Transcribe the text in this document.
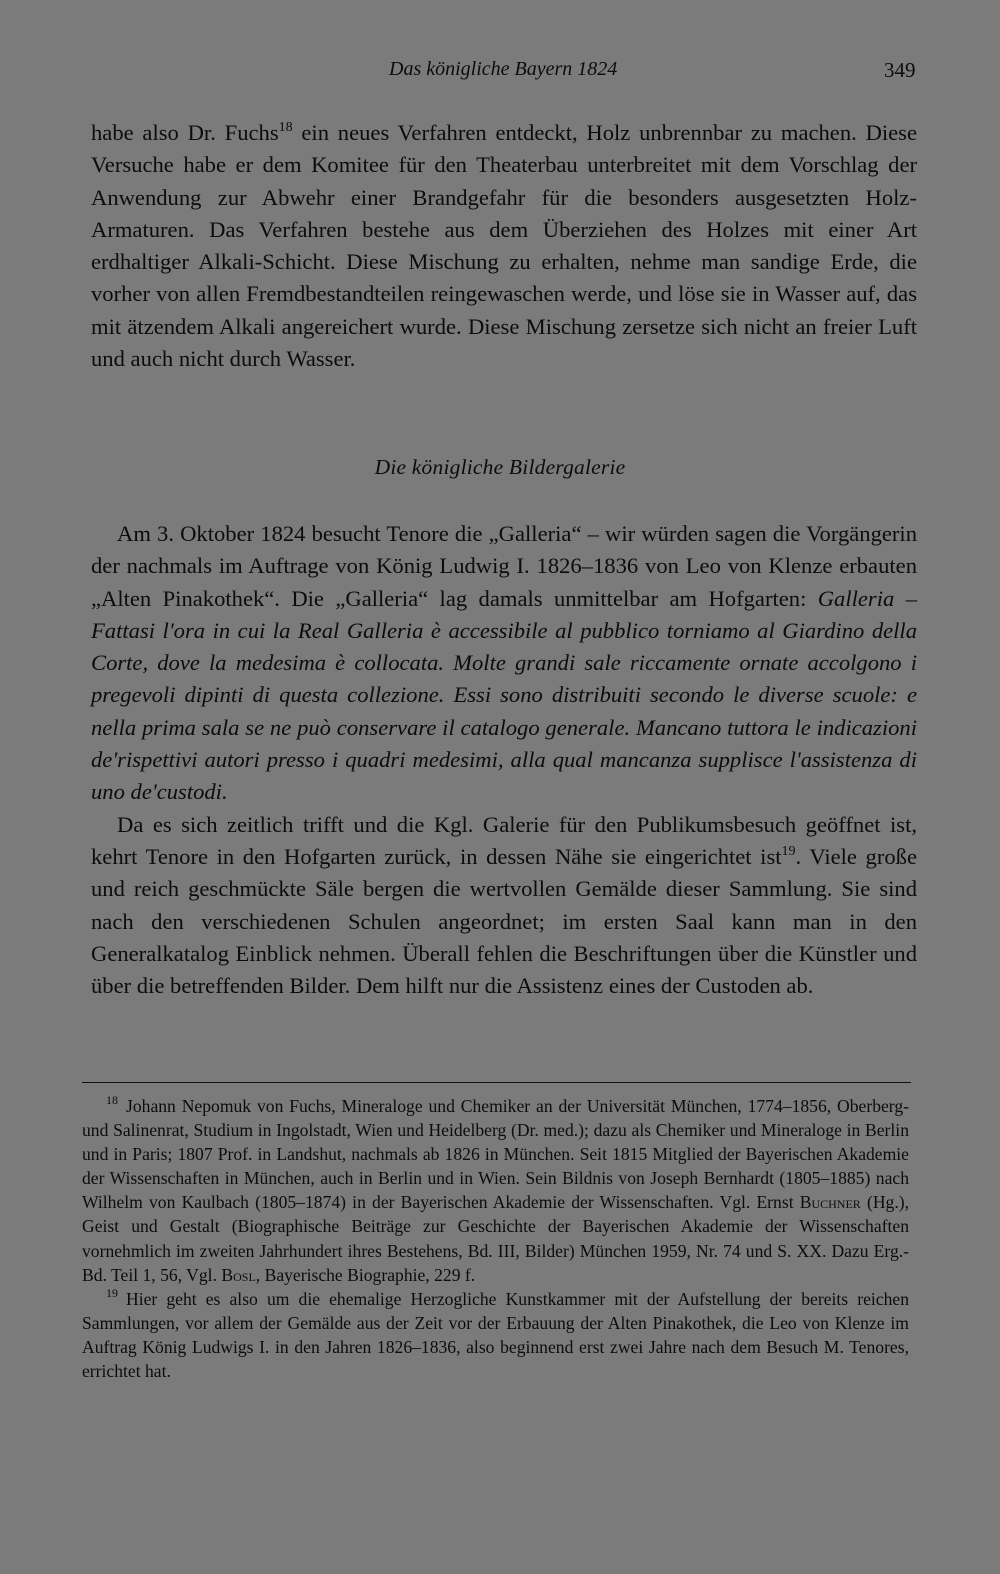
Das königliche Bayern 1824	349

habe also Dr. Fuchs$^{18}$ ein neues Verfahren entdeckt, Holz unbrennbar zu machen. Diese Versuche habe er dem Komitee für den Theaterbau unterbreitet mit dem Vorschlag der Anwendung zur Abwehr einer Brandgefahr für die besonders ausgesetzten Holz-Armaturen. Das Verfahren bestehe aus dem Überziehen des Holzes mit einer Art erdhaltiger Alkali-Schicht. Diese Mischung zu erhalten, nehme man sandige Erde, die vorher von allen Fremdbestandteilen reingewaschen werde, und löse sie in Wasser auf, das mit ätzendem Alkali angereichert wurde. Diese Mischung zersetze sich nicht an freier Luft und auch nicht durch Wasser.

Die königliche Bildergalerie

Am 3. Oktober 1824 besucht Tenore die „Galleria“ – wir würden sagen die Vorgängerin der nachmals im Auftrage von König Ludwig I. 1826–1836 von Leo von Klenze erbauten „Alten Pinakothek“. Die „Galleria“ lag damals unmittelbar am Hofgarten: Galleria – Fattasi l'ora in cui la Real Galleria è accessibile al pubblico torniamo al Giardino della Corte, dove la medesima è collocata. Molte grandi sale riccamente ornate accolgono i pregevoli dipinti di questa collezione. Essi sono distribuiti secondo le diverse scuole: e nella prima sala se ne può conservare il catalogo generale. Mancano tuttora le indicazioni de'rispettivi autori presso i quadri medesimi, alla qual mancanza supplisce l'assistenza di uno de'custodi.

Da es sich zeitlich trifft und die Kgl. Galerie für den Publikumsbesuch geöffnet ist, kehrt Tenore in den Hofgarten zurück, in dessen Nähe sie eingerichtet ist$^{19}$. Viele große und reich geschmückte Säle bergen die wertvollen Gemälde dieser Sammlung. Sie sind nach den verschiedenen Schulen angeordnet; im ersten Saal kann man in den Generalkatalog Einblick nehmen. Überall fehlen die Beschriftungen über die Künstler und über die betreffenden Bilder. Dem hilft nur die Assistenz eines der Custoden ab.

$^{18}$ Johann Nepomuk von Fuchs, Mineraloge und Chemiker an der Universität München, 1774–1856, Oberberg- und Salinenrat, Studium in Ingolstadt, Wien und Heidelberg (Dr. med.); dazu als Chemiker und Mineraloge in Berlin und in Paris; 1807 Prof. in Landshut, nachmals ab 1826 in München. Seit 1815 Mitglied der Bayerischen Akademie der Wissenschaften in München, auch in Berlin und in Wien. Sein Bildnis von Joseph Bernhardt (1805–1885) nach Wilhelm von Kaulbach (1805–1874) in der Bayerischen Akademie der Wissenschaften. Vgl. Ernst Buchner (Hg.), Geist und Gestalt (Biographische Beiträge zur Geschichte der Bayerischen Akademie der Wissenschaften vornehmlich im zweiten Jahrhundert ihres Bestehens, Bd. III, Bilder) München 1959, Nr. 74 und S. XX. Dazu Erg.-Bd. Teil 1, 56, Vgl. Bosl, Bayerische Biographie, 229 f.

$^{19}$ Hier geht es also um die ehemalige Herzogliche Kunstkammer mit der Aufstellung der bereits reichen Sammlungen, vor allem der Gemälde aus der Zeit vor der Erbauung der Alten Pinakothek, die Leo von Klenze im Auftrag König Ludwigs I. in den Jahren 1826–1836, also beginnend erst zwei Jahre nach dem Besuch M. Tenores, errichtet hat.
